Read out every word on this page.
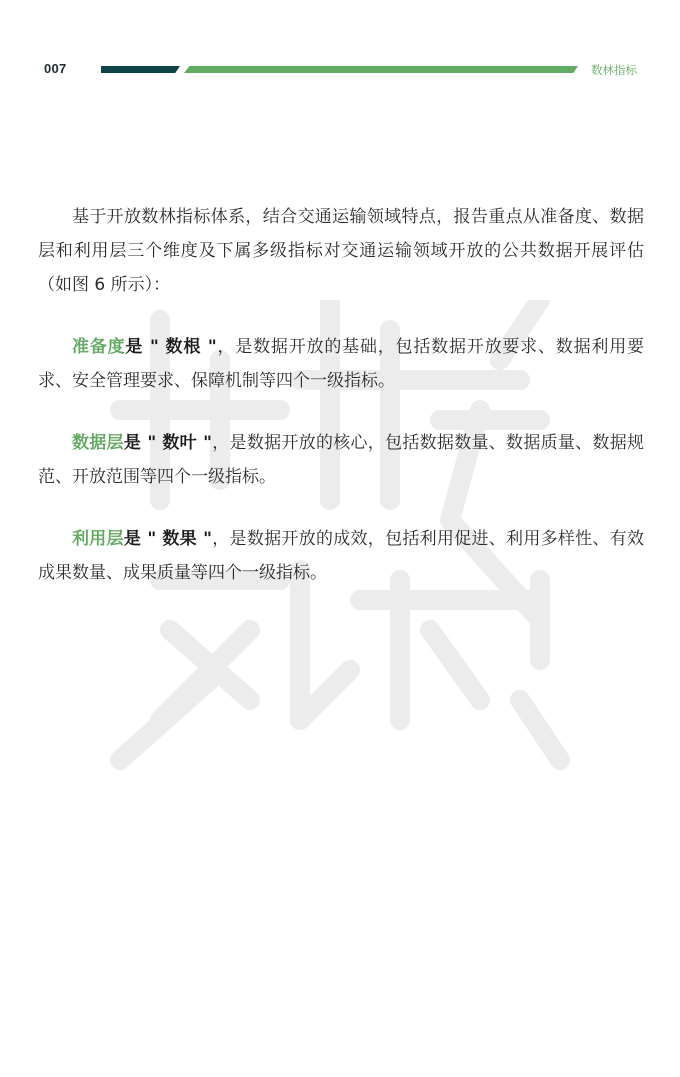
007	数林指标

基于开放数林指标体系，结合交通运输领域特点，报告重点从准备度、数据层和利用层三个维度及下属多级指标对交通运输领域开放的公共数据开展评估（如图 6 所示）：

准备度是 " 数根 "，是数据开放的基础，包括数据开放要求、数据利用要求、安全管理要求、保障机制等四个一级指标。

数据层是 " 数叶 "，是数据开放的核心，包括数据数量、数据质量、数据规范、开放范围等四个一级指标。

利用层是 " 数果 "，是数据开放的成效，包括利用促进、利用多样性、有效成果数量、成果质量等四个一级指标。
